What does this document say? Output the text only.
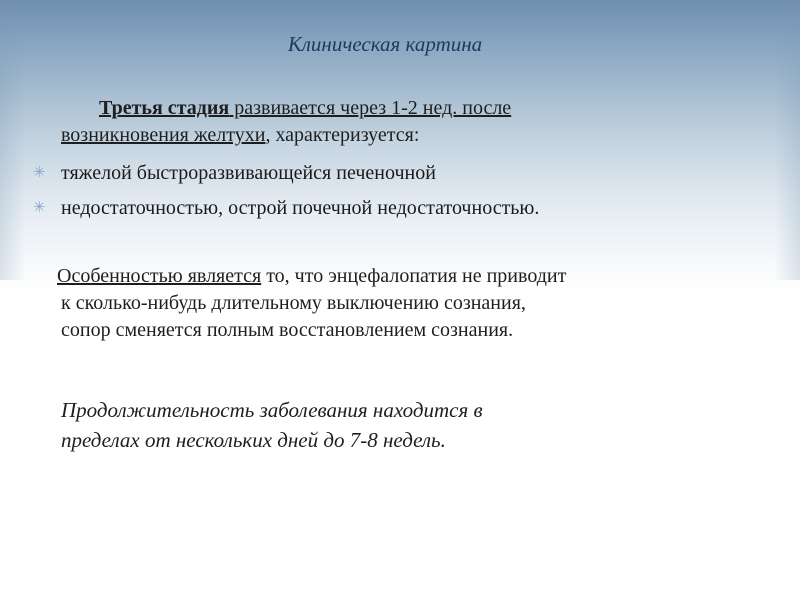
Клиническая картина
Третья стадия развивается через 1-2 нед. после
возникновения желтухи, характеризуется:
✳ тяжелой быстроразвивающейся печеночной
✳ недостаточностью, острой почечной недостаточностью.
Особенностью является то, что энцефалопатия не приводит
к сколько-нибудь длительному выключению сознания,
сопор сменяется полным восстановлением сознания.
Продолжительность заболевания находится в
пределах от нескольких дней до 7-8 недель.
